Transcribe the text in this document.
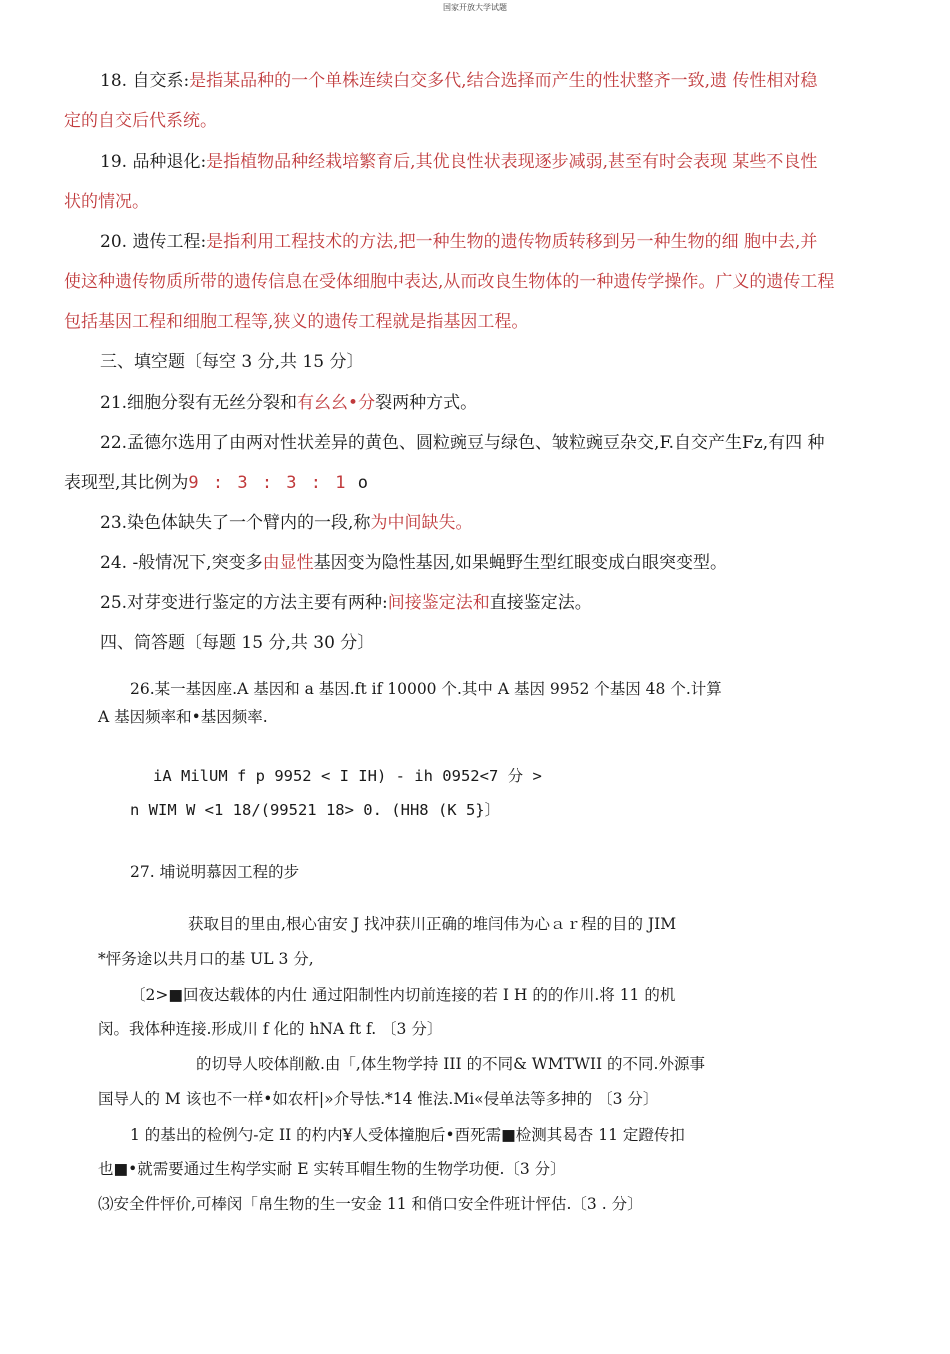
国家开放大学试题
18. 自交系:是指某品种的一个单株连续白交多代,结合选择而产生的性状整齐一致,遗 传性相对稳
定的自交后代系统。
19. 品种退化:是指植物品种经栽培繁育后,其优良性状表现逐步减弱,甚至有时会表现 某些不良性
状的情况。
20. 遗传工程:是指利用工程技术的方法,把一种生物的遗传物质转移到另一种生物的细 胞中去,并
使这种遗传物质所带的遗传信息在受体细胞中表达,从而改良生物体的一种遗传学操作。广义的遗传工程
包括基因工程和细胞工程等,狭义的遗传工程就是指基因工程。
三、填空题〔每空 3 分,共 15 分〕
21.细胞分裂有无丝分裂和有幺幺•分裂两种方式。
22.孟德尔选用了由两对性状差异的黄色、圆粒豌豆与绿色、皱粒豌豆杂交,F.自交产生Fz,有四 种
表现型,其比例为9 : 3 : 3 : 1 o
23.染色体缺失了一个臂内的一段,称为中间缺失。
24. -般情况下,突变多由显性基因变为隐性基因,如果蝇野生型红眼变成白眼突变型。
25.对芽变进行鉴定的方法主要有两种:间接鉴定法和直接鉴定法。
四、筒答题〔每题 15 分,共 30 分〕
26.某一基因座.A 基因和 a 基因.ft if 10000 个.其中 A 基因 9952 个基因 48 个.计算
A 基因频率和•基因频率.
iA MilUM f p 9952 < I IH) - ih 0952<7 分 >
n WIM W <1 18/(99521 18> 0. (HH8 (K 5}〕
27. 埔说明慕因工程的步
获取目的里由,根心宙安 J 找冲获川正确的堆闫伟为心ａｒ程的目的 JIM
*怦务途以共月口的基 UL 3 分,
〔2>■回夜达载体的内仕 通过阳制性内切前连接的若 I H 的的作川.将 11 的机
闵。我体种连接.形成川 f 化的 hNA ft f. 〔3 分〕
的切导人咬体削敝.由「,体生物学持 III 的不同& WMTWII 的不同.外源事
国导人的 M 该也不一样•如农杆|»介导怯.*14 惟法.Mi«侵单法等多抻的 〔3 分〕
1 的基出的检例勺-定 II 的杓内¥人受体撞胞后•酉死需■检测其曷杏 11 定蹬传扣
也■•就需要通过生构学实耐 E 实转耳帽生物的生物学功便.〔3 分〕
⑶安全件怦价,可棒闵「帛生物的生一安金 11 和俏口安全件班计怦估.〔3 . 分〕
